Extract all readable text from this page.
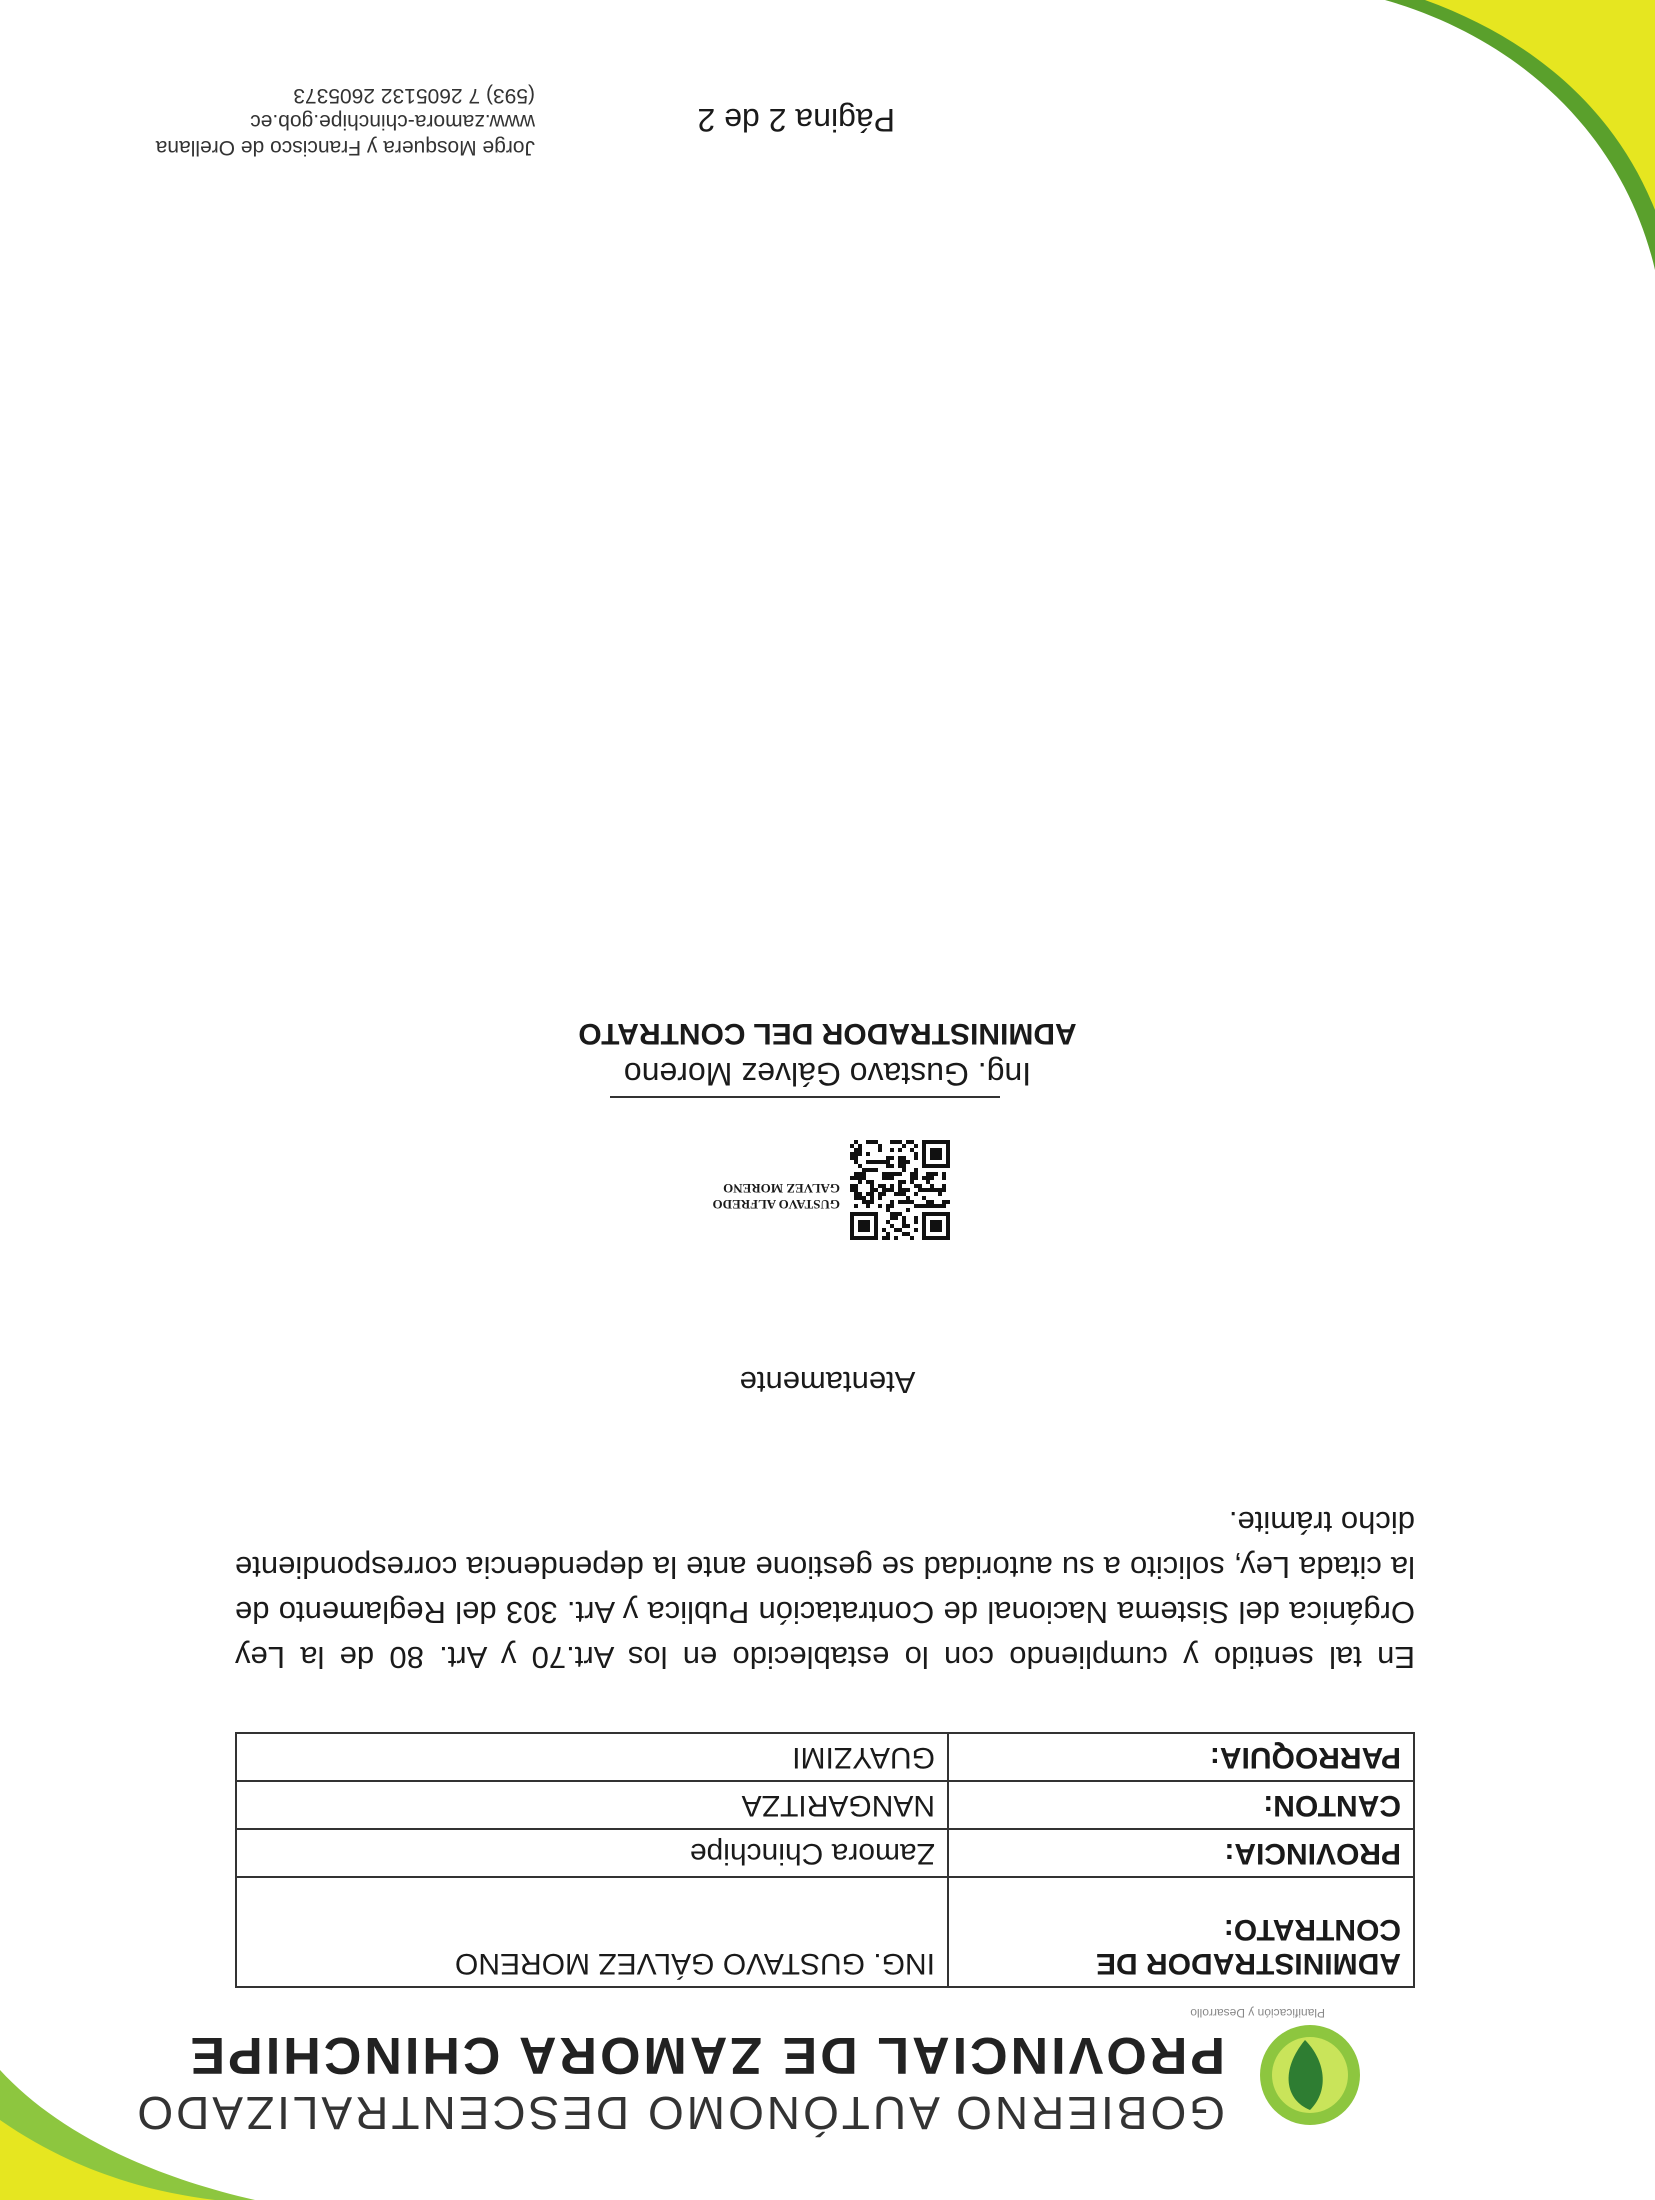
GOBIERNO AUTÓNOMO DESCENTRALIZADO
PROVINCIAL DE ZAMORA CHINCHIPE
Planificación y Desarrollo
ADMINISTRADOR DE CONTRATO:	ING. GUSTAVO GÁLVEZ MORENO
PROVINCIA:	Zamora Chinchipe
CANTON:	NANGARITZA
PARROQUIA:	GUAYZIMI
En tal sentido y cumpliendo con lo establecido en los Art.70 y Art. 80 de la Ley Orgánica del Sistema Nacional de Contratación Publica y Art. 303 del Reglamento de la citada Ley, solicito a su autoridad se gestione ante la dependencia correspondiente dicho trámite.
Atentamente
GUSTAVO ALFREDO
GALVEZ MORENO
Ing. Gustavo Gálvez Moreno
ADMINISTRADOR DEL CONTRATO
Página 2 de 2
Jorge Mosquera y Francisco de Orellana
www.zamora-chinchipe.gob.ec
(593) 7 2605132 2605373
